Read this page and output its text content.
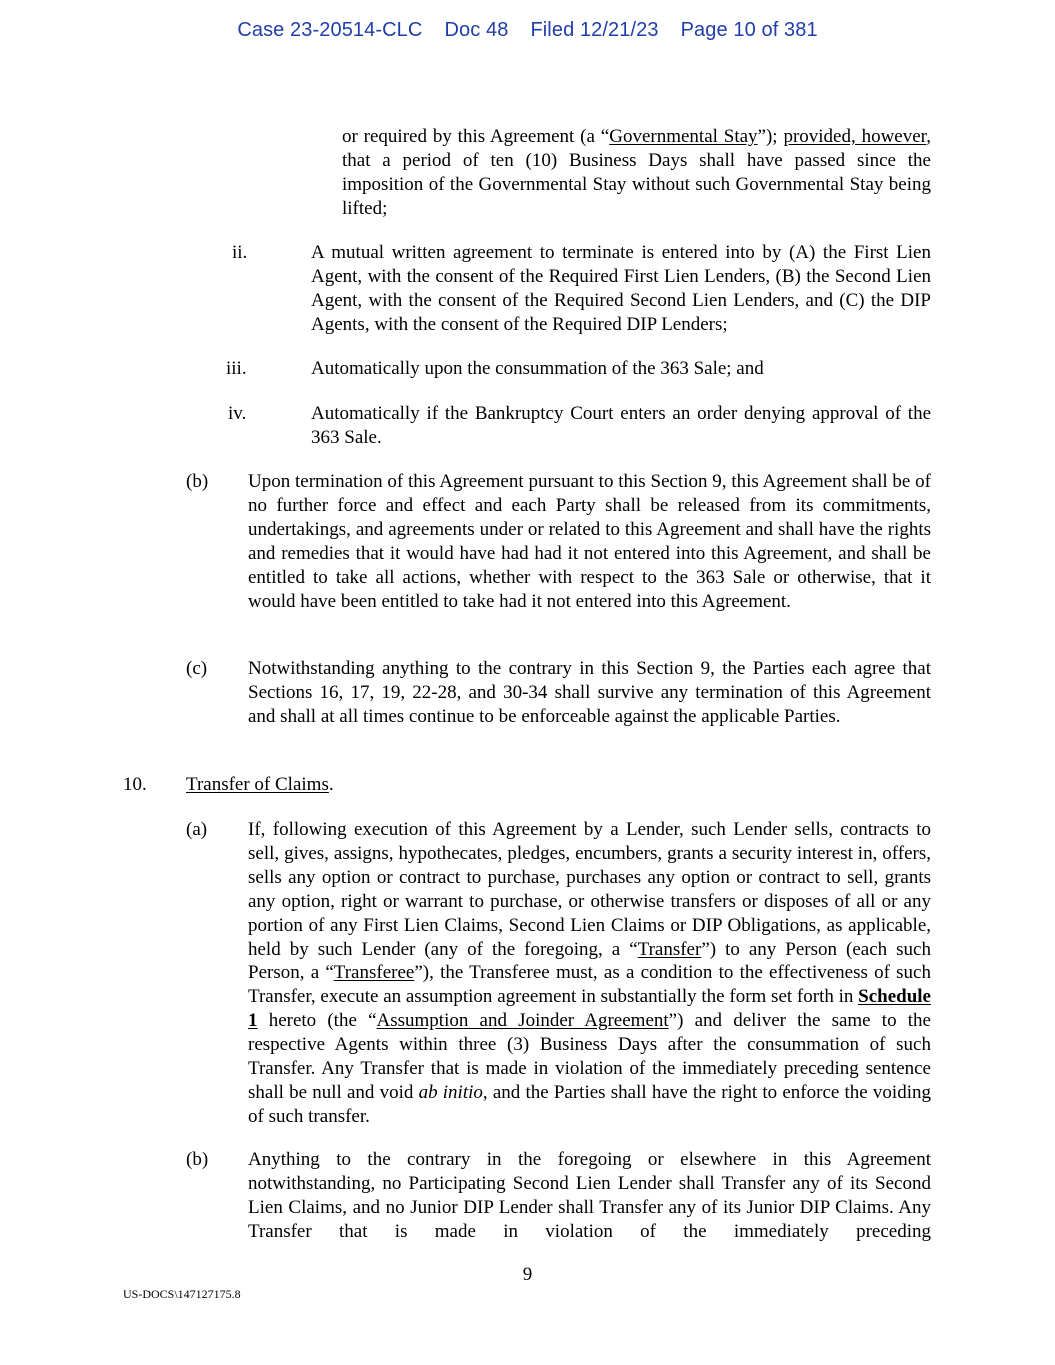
Case 23-20514-CLC Doc 48 Filed 12/21/23 Page 10 of 381
or required by this Agreement (a “Governmental Stay”); provided, however, that a period of ten (10) Business Days shall have passed since the imposition of the Governmental Stay without such Governmental Stay being lifted;
ii.	A mutual written agreement to terminate is entered into by (A) the First Lien Agent, with the consent of the Required First Lien Lenders, (B) the Second Lien Agent, with the consent of the Required Second Lien Lenders, and (C) the DIP Agents, with the consent of the Required DIP Lenders;
iii.	Automatically upon the consummation of the 363 Sale; and
iv.	Automatically if the Bankruptcy Court enters an order denying approval of the 363 Sale.
(b) Upon termination of this Agreement pursuant to this Section 9, this Agreement shall be of no further force and effect and each Party shall be released from its commitments, undertakings, and agreements under or related to this Agreement and shall have the rights and remedies that it would have had had it not entered into this Agreement, and shall be entitled to take all actions, whether with respect to the 363 Sale or otherwise, that it would have been entitled to take had it not entered into this Agreement.
(c) Notwithstanding anything to the contrary in this Section 9, the Parties each agree that Sections 16, 17, 19, 22-28, and 30-34 shall survive any termination of this Agreement and shall at all times continue to be enforceable against the applicable Parties.
10. Transfer of Claims.
(a) If, following execution of this Agreement by a Lender, such Lender sells, contracts to sell, gives, assigns, hypothecates, pledges, encumbers, grants a security interest in, offers, sells any option or contract to purchase, purchases any option or contract to sell, grants any option, right or warrant to purchase, or otherwise transfers or disposes of all or any portion of any First Lien Claims, Second Lien Claims or DIP Obligations, as applicable, held by such Lender (any of the foregoing, a “Transfer”) to any Person (each such Person, a “Transferee”), the Transferee must, as a condition to the effectiveness of such Transfer, execute an assumption agreement in substantially the form set forth in Schedule 1 hereto (the “Assumption and Joinder Agreement”) and deliver the same to the respective Agents within three (3) Business Days after the consummation of such Transfer. Any Transfer that is made in violation of the immediately preceding sentence shall be null and void ab initio, and the Parties shall have the right to enforce the voiding of such transfer.
(b) Anything to the contrary in the foregoing or elsewhere in this Agreement notwithstanding, no Participating Second Lien Lender shall Transfer any of its Second Lien Claims, and no Junior DIP Lender shall Transfer any of its Junior DIP Claims. Any Transfer that is made in violation of the immediately preceding
9
US-DOCS\147127175.8
